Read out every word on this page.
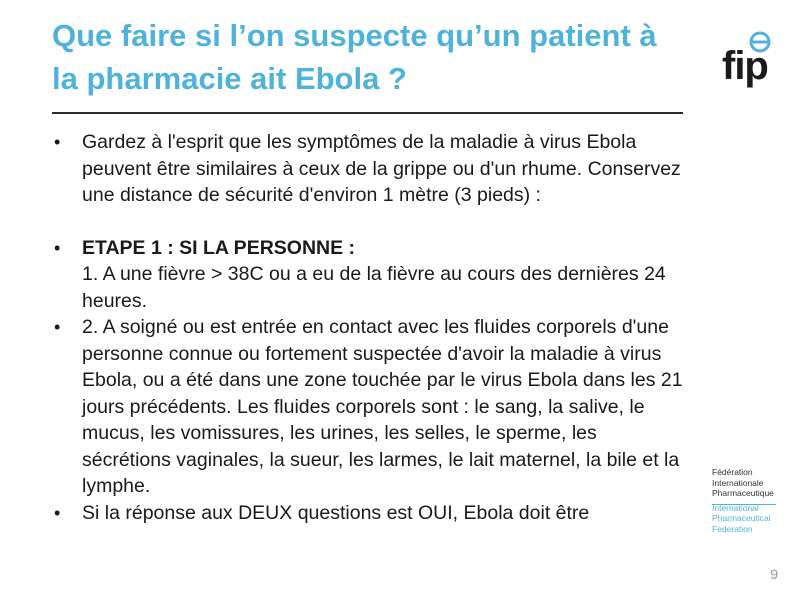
Que faire si l’on suspecte qu’un patient à la pharmacie ait Ebola ?	fip
Fédération
Internationale
Pharmaceutique
International
Pharmaceutical
Federation

• Gardez à l'esprit que les symptômes de la maladie à virus Ebola peuvent être similaires à ceux de la grippe ou d'un rhume. Conservez une distance de sécurité d'environ 1 mètre (3 pieds) :

• ETAPE 1 : SI LA PERSONNE :
1. A une fièvre > 38C ou a eu de la fièvre au cours des dernières 24 heures.

• 2. A soigné ou est entrée en contact avec les fluides corporels d'une personne connue ou fortement suspectée d'avoir la maladie à virus Ebola, ou a été dans une zone touchée par le virus Ebola dans les 21 jours précédents. Les fluides corporels sont : le sang, la salive, le mucus, les vomissures, les urines, les selles, le sperme, les sécrétions vaginales, la sueur, les larmes, le lait maternel, la bile et la lymphe.

• Si la réponse aux DEUX questions est OUI, Ebola doit être

9
